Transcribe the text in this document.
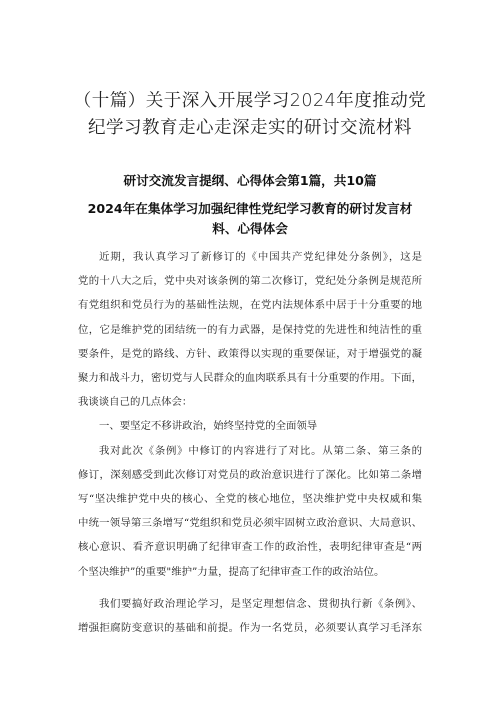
（十篇）关于深入开展学习2024年度推动党
纪学习教育走心走深走实的研讨交流材料
研讨交流发言提纲、心得体会第1篇，共10篇
2024年在集体学习加强纪律性党纪学习教育的研讨发言材
料、心得体会
近期，我认真学习了新修订的《中国共产党纪律处分条例》，这是
党的十八大之后，党中央对该条例的第二次修订，党纪处分条例是规范所
有党组织和党员行为的基础性法规，在党内法规体系中居于十分重要的地
位，它是维护党的团结统一的有力武器，是保持党的先进性和纯洁性的重
要条件，是党的路线、方针、政策得以实现的重要保证，对于增强党的凝
聚力和战斗力，密切党与人民群众的血肉联系具有十分重要的作用。下面，
我谈谈自己的几点体会：
一、要坚定不移讲政治，始终坚持党的全面领导
我对此次《条例》中修订的内容进行了对比。从第二条、第三条的
修订，深刻感受到此次修订对党员的政治意识进行了深化。比如第二条增
写“坚决维护党中央的核心、全党的核心地位，坚决维护党中央权威和集
中统一领导第三条增写“党组织和党员必须牢固树立政治意识、大局意识、
核心意识、看齐意识明确了纪律审查工作的政治性，表明纪律审查是“两
个坚决维护”的重要"维护”力量，提高了纪律审查工作的政治站位。
我们要搞好政治理论学习，是坚定理想信念、贯彻执行新《条例》、
增强拒腐防变意识的基础和前提。作为一名党员，必须要认真学习毛泽东
